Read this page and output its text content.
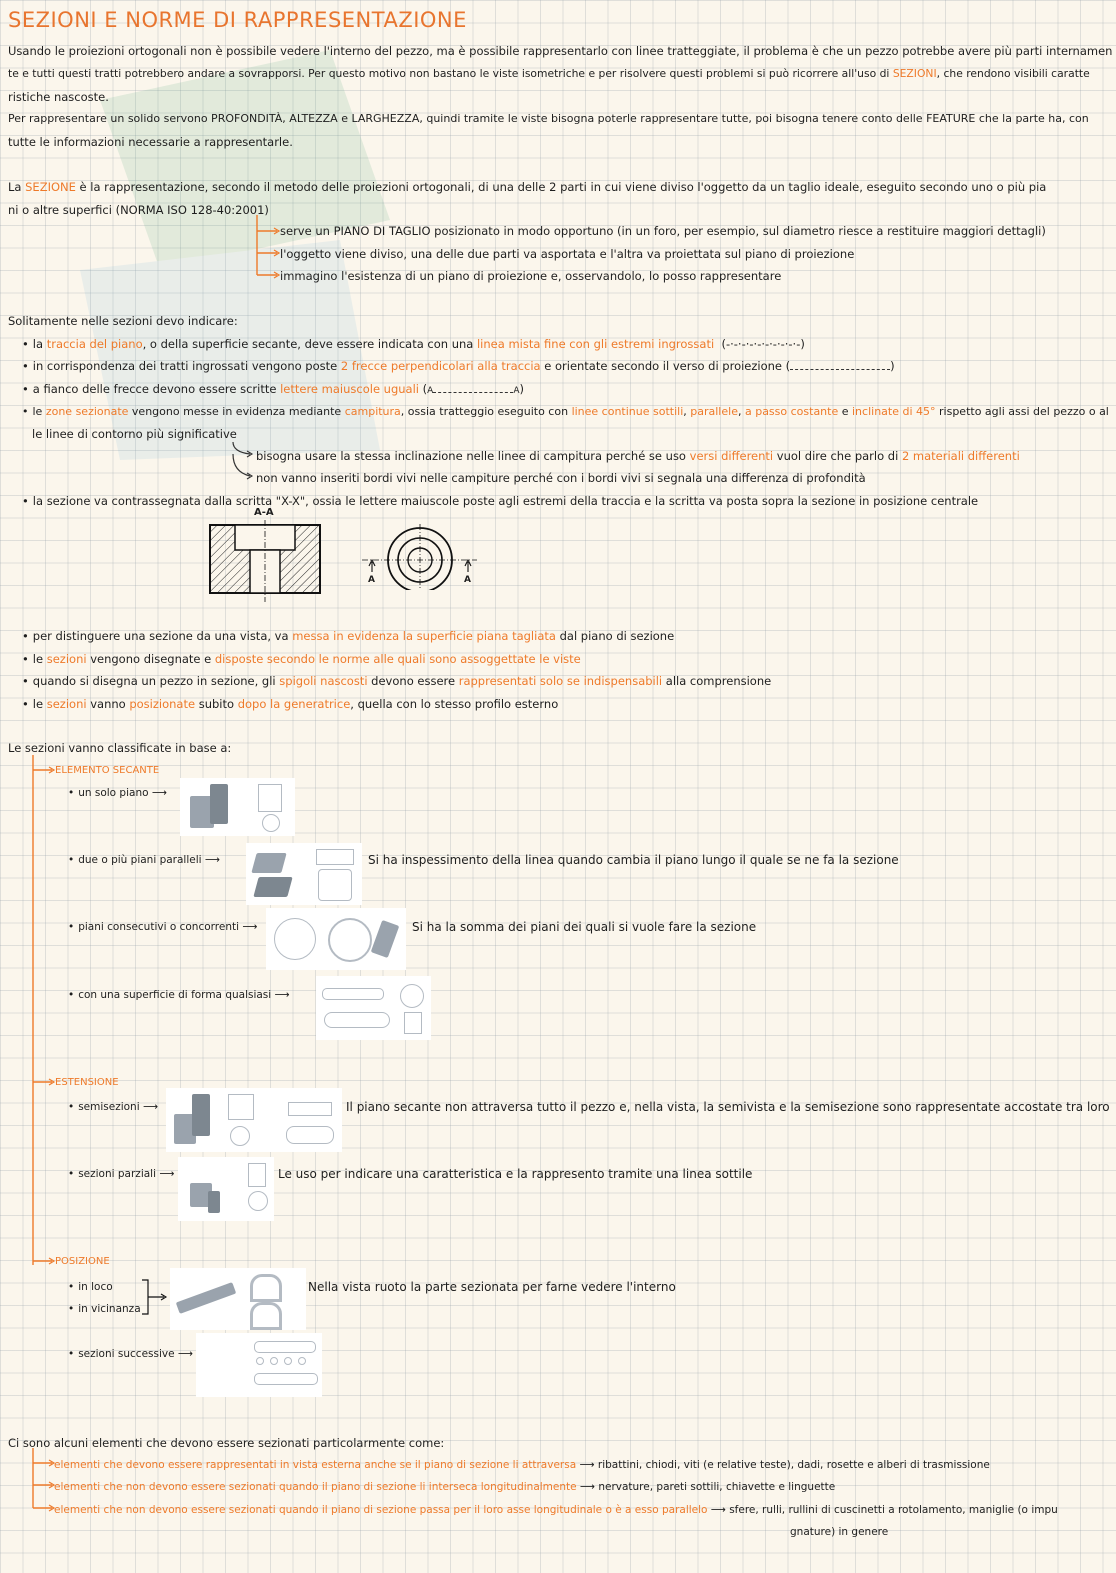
SEZIONI E NORME DI RAPPRESENTAZIONE
Usando le proiezioni ortogonali non è possibile vedere l'interno del pezzo, ma è possibile rappresentarlo con linee tratteggiate, il problema è che un pezzo potrebbe avere più parti internamen
te e tutti questi tratti potrebbero andare a sovrapporsi. Per questo motivo non bastano le viste isometriche e per risolvere questi problemi si può ricorrere all'uso di SEZIONI, che rendono visibili caratte
ristiche nascoste.
Per rappresentare un solido servono PROFONDITÀ, ALTEZZA e LARGHEZZA, quindi tramite le viste bisogna poterle rappresentare tutte, poi bisogna tenere conto delle FEATURE che la parte ha, con
tutte le informazioni necessarie a rappresentarle.
La SEZIONE è la rappresentazione, secondo il metodo delle proiezioni ortogonali, di una delle 2 parti in cui viene diviso l'oggetto da un taglio ideale, eseguito secondo uno o più pia
ni o altre superfici (NORMA ISO 128-40:2001)
serve un PIANO DI TAGLIO posizionato in modo opportuno (in un foro, per esempio, sul diametro riesce a restituire maggiori dettagli)
l'oggetto viene diviso, una delle due parti va asportata e l'altra va proiettata sul piano di proiezione
immagino l'esistenza di un piano di proiezione e, osservandolo, lo posso rappresentare
Solitamente nelle sezioni devo indicare:
• la traccia del piano, o della superficie secante, deve essere indicata con una linea mista fine con gli estremi ingrossati (-·-·-·-·-·-·-·-·-·-)
• in corrispondenza dei tratti ingrossati vengono poste 2 frecce perpendicolari alla traccia e orientate secondo il verso di proiezione (	)
• a fianco delle frecce devono essere scritte lettere maiuscole uguali (A	A)
• le zone sezionate vengono messe in evidenza mediante campitura, ossia tratteggio eseguito con linee continue sottili, parallele, a passo costante e inclinate di 45° rispetto agli assi del pezzo o al
le linee di contorno più significative
bisogna usare la stessa inclinazione nelle linee di campitura perché se uso versi differenti vuol dire che parlo di 2 materiali differenti
non vanno inseriti bordi vivi nelle campiture perché con i bordi vivi si segnala una differenza di profondità
• la sezione va contrassegnata dalla scritta "X-X", ossia le lettere maiuscole poste agli estremi della traccia e la scritta va posta sopra la sezione in posizione centrale
A-A
A	A
• per distinguere una sezione da una vista, va messa in evidenza la superficie piana tagliata dal piano di sezione
• le sezioni vengono disegnate e disposte secondo le norme alle quali sono assoggettate le viste
• quando si disegna un pezzo in sezione, gli spigoli nascosti devono essere rappresentati solo se indispensabili alla comprensione
• le sezioni vanno posizionate subito dopo la generatrice, quella con lo stesso profilo esterno
Le sezioni vanno classificate in base a:
ELEMENTO SECANTE
• un solo piano ⟶
• due o più piani paralleli ⟶	Si ha inspessimento della linea quando cambia il piano lungo il quale se ne fa la sezione
• piani consecutivi o concorrenti ⟶	Si ha la somma dei piani dei quali si vuole fare la sezione
• con una superficie di forma qualsiasi ⟶
ESTENSIONE
• semisezioni ⟶	Il piano secante non attraversa tutto il pezzo e, nella vista, la semivista e la semisezione sono rappresentate accostate tra loro
• sezioni parziali ⟶	Le uso per indicare una caratteristica e la rappresento tramite una linea sottile
POSIZIONE
• in loco
• in vicinanza
Nella vista ruoto la parte sezionata per farne vedere l'interno
• sezioni successive ⟶
Ci sono alcuni elementi che devono essere sezionati particolarmente come:
elementi che devono essere rappresentati in vista esterna anche se il piano di sezione li attraversa ⟶ ribattini, chiodi, viti (e relative teste), dadi, rosette e alberi di trasmissione
elementi che non devono essere sezionati quando il piano di sezione li interseca longitudinalmente ⟶ nervature, pareti sottili, chiavette e linguette
elementi che non devono essere sezionati quando il piano di sezione passa per il loro asse longitudinale o è a esso parallelo ⟶ sfere, rulli, rullini di cuscinetti a rotolamento, maniglie (o impu
gnature) in genere
